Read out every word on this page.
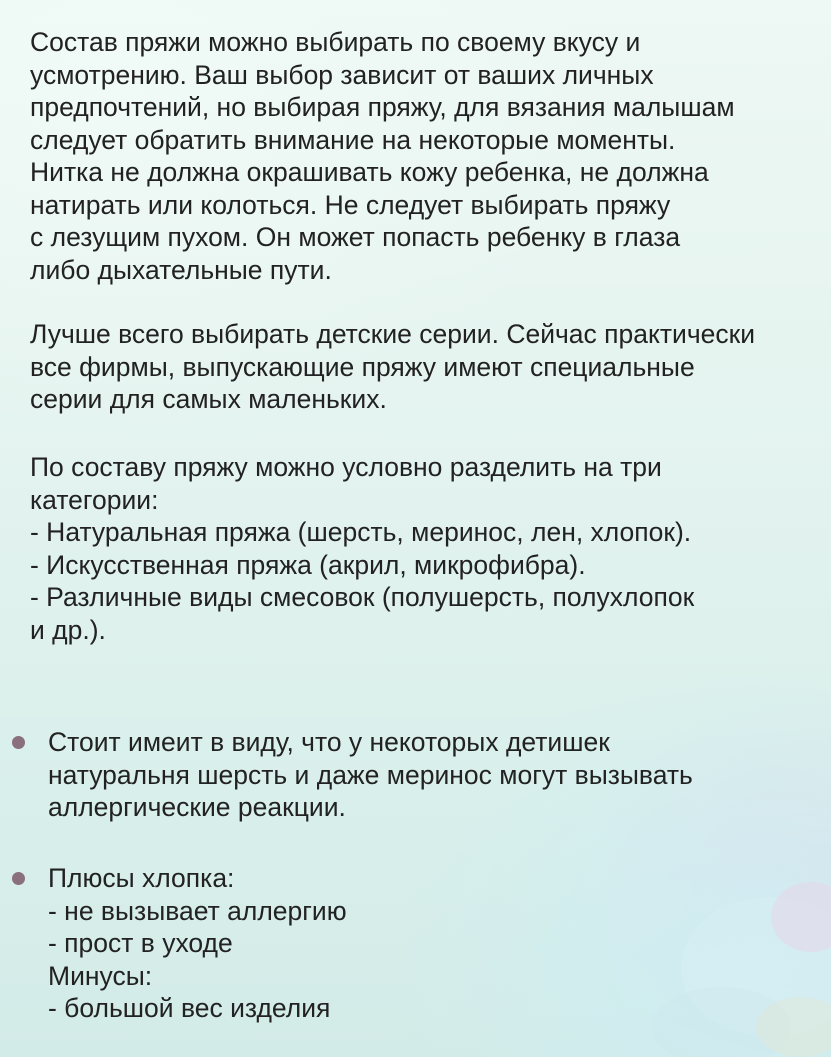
Состав пряжи можно выбирать по своему вкусу и
усмотрению. Ваш выбор зависит от ваших личных
предпочтений, но выбирая пряжу, для вязания малышам
следует обратить внимание на некоторые моменты.
Нитка не должна окрашивать кожу ребенка, не должна
натирать или колоться. Не следует выбирать пряжу
с лезущим пухом. Он может попасть ребенку в глаза
либо дыхательные пути.
Лучше всего выбирать детские серии. Сейчас практически
все фирмы, выпускающие пряжу имеют специальные
серии для самых маленьких.
По составу пряжу можно условно разделить на три
категории:
- Натуральная пряжа (шерсть, меринос, лен, хлопок).
- Искусственная пряжа (акрил, микрофибра).
- Различные виды смесовок (полушерсть, полухлопок
и др.).
Стоит имеит в виду, что у некоторых детишек
натуральня шерсть и даже меринос могут вызывать
аллергические реакции.
Плюсы хлопка:
- не вызывает аллергию
- прост в уходе
Минусы:
- большой вес изделия
